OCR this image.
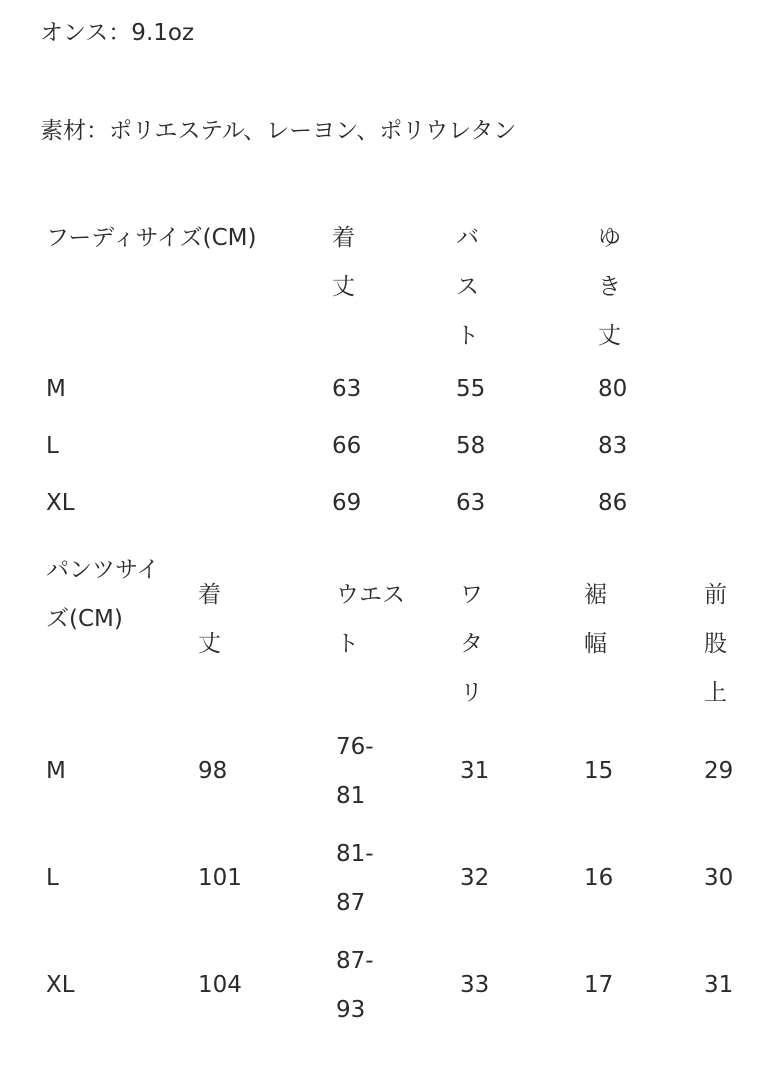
オンス：9.1oz
素材：ポリエステル、レーヨン、ポリウレタン
フーディサイズ(CM)	着丈	バスト	ゆき丈

M	63	55	80
L	66	58	83
XL	69	63	86
パンツサイズ(CM)	着丈	ウエスト	ワタリ	裾幅	前股上

M	98	76-81	31	15	29
L	101	81-87	32	16	30
XL	104	87-93	33	17	31
